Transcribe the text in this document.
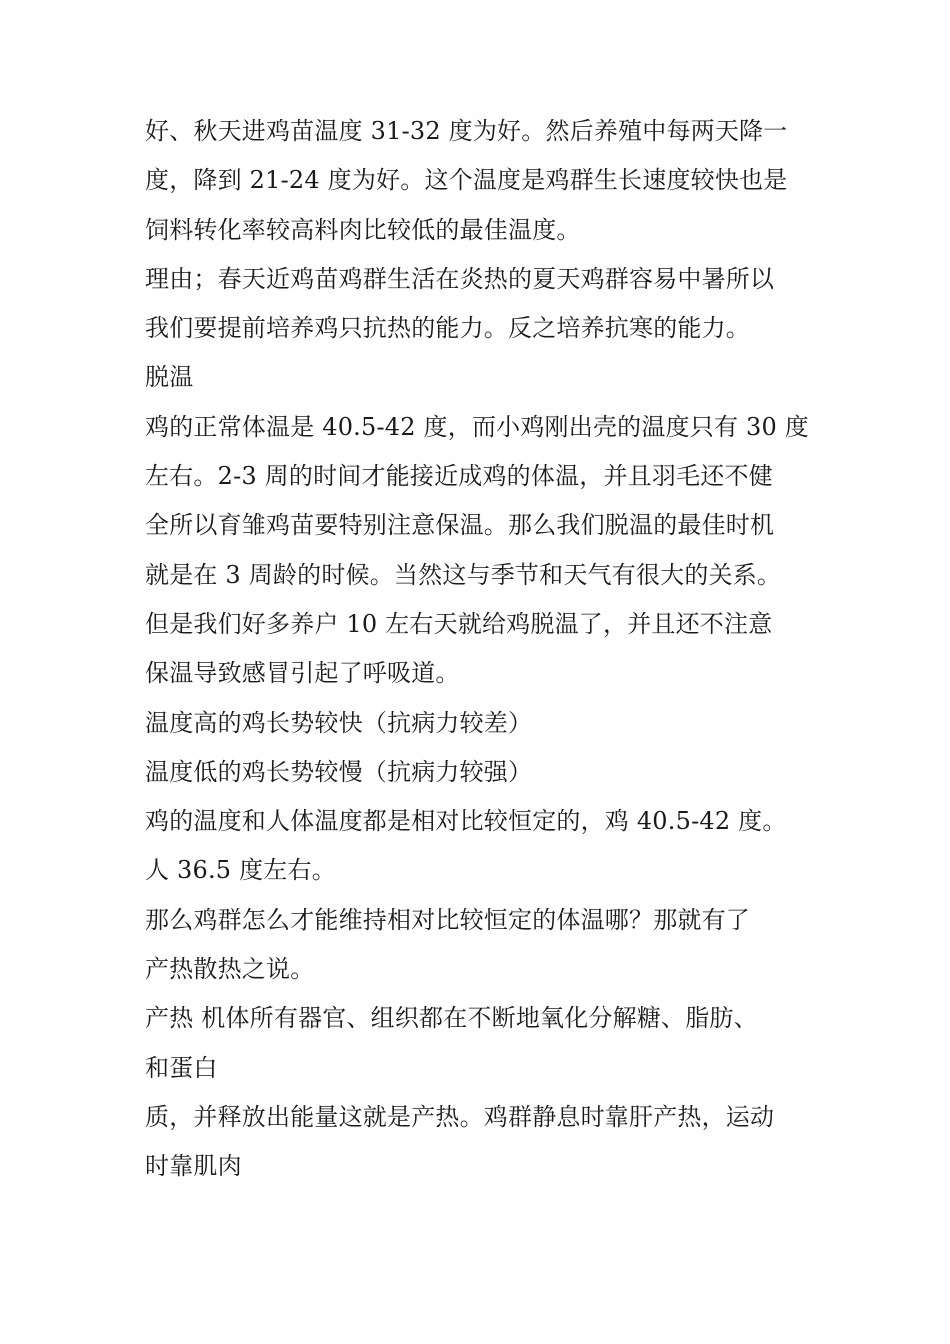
好、秋天进鸡苗温度 31-32 度为好。然后养殖中每两天降一
度，降到 21-24 度为好。这个温度是鸡群生长速度较快也是
饲料转化率较高料肉比较低的最佳温度。
理由；春天近鸡苗鸡群生活在炎热的夏天鸡群容易中暑所以
我们要提前培养鸡只抗热的能力。反之培养抗寒的能力。
脱温
鸡的正常体温是 40.5-42 度，而小鸡刚出壳的温度只有 30 度
左右。2-3 周的时间才能接近成鸡的体温，并且羽毛还不健
全所以育雏鸡苗要特别注意保温。那么我们脱温的最佳时机
就是在 3 周龄的时候。当然这与季节和天气有很大的关系。
但是我们好多养户 10 左右天就给鸡脱温了，并且还不注意
保温导致感冒引起了呼吸道。
温度高的鸡长势较快（抗病力较差）
温度低的鸡长势较慢（抗病力较强）
鸡的温度和人体温度都是相对比较恒定的，鸡 40.5-42 度。
人 36.5 度左右。
那么鸡群怎么才能维持相对比较恒定的体温哪？那就有了
产热散热之说。
产热 机体所有器官、组织都在不断地氧化分解糖、脂肪、
和蛋白
质，并释放出能量这就是产热。鸡群静息时靠肝产热，运动
时靠肌肉
